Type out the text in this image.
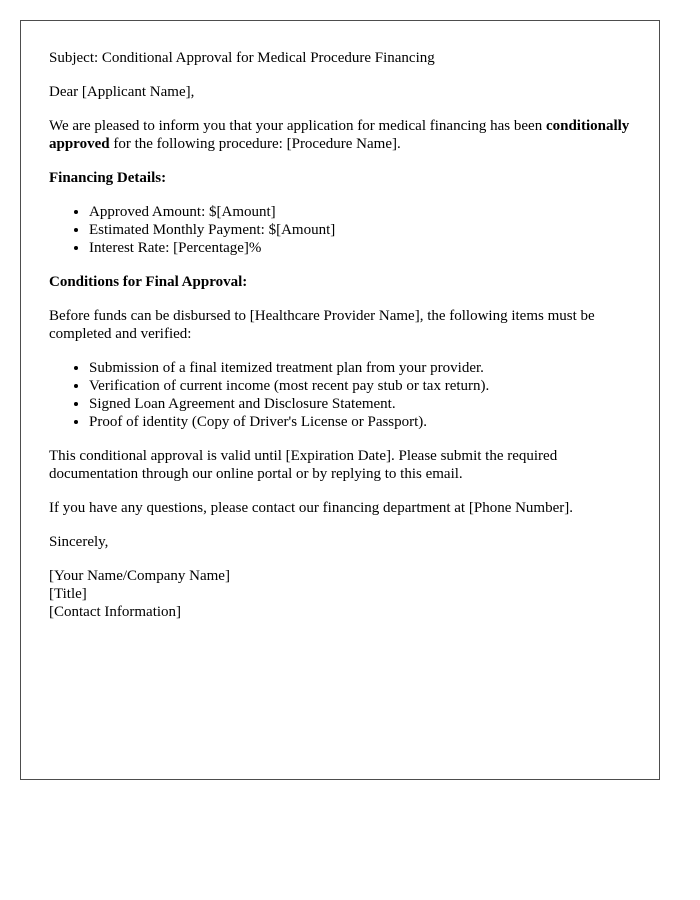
Subject: Conditional Approval for Medical Procedure Financing

Dear [Applicant Name],

We are pleased to inform you that your application for medical financing has been conditionally approved for the following procedure: [Procedure Name].

Financing Details:
• Approved Amount: $[Amount]
• Estimated Monthly Payment: $[Amount]
• Interest Rate: [Percentage]%
Conditions for Final Approval:

Before funds can be disbursed to [Healthcare Provider Name], the following items must be completed and verified:

• Submission of a final itemized treatment plan from your provider.
• Verification of current income (most recent pay stub or tax return).
• Signed Loan Agreement and Disclosure Statement.
• Proof of identity (Copy of Driver's License or Passport).

This conditional approval is valid until [Expiration Date]. Please submit the required documentation through our online portal or by replying to this email.

If you have any questions, please contact our financing department at [Phone Number].

Sincerely,

[Your Name/Company Name]
[Title]
[Contact Information]
